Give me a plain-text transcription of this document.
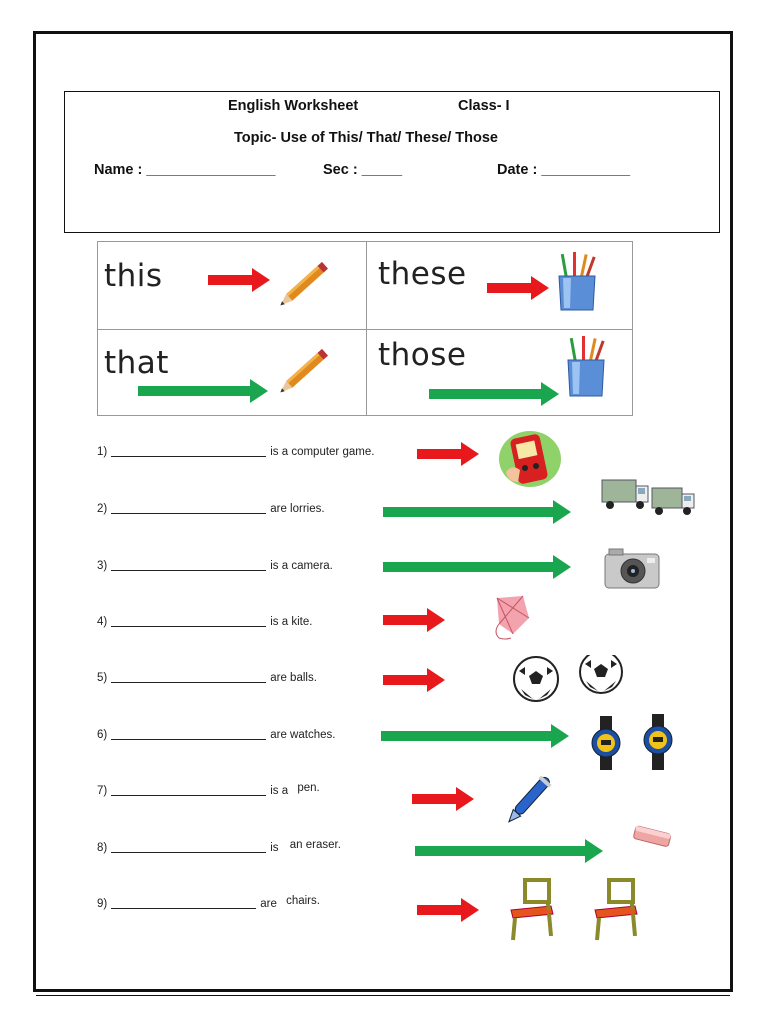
English Worksheet	Class- I
Topic- Use of This/ That/ These/ Those
Name : ________________	Sec : _____	Date : ___________
this	these
that	those
1)	is a computer game.
2)	are lorries.
3)	is a camera.
4)	is a kite.
5)	are balls.
6)	are watches.
7)	is a pen.
8)	is an eraser.
9)	are chairs.
